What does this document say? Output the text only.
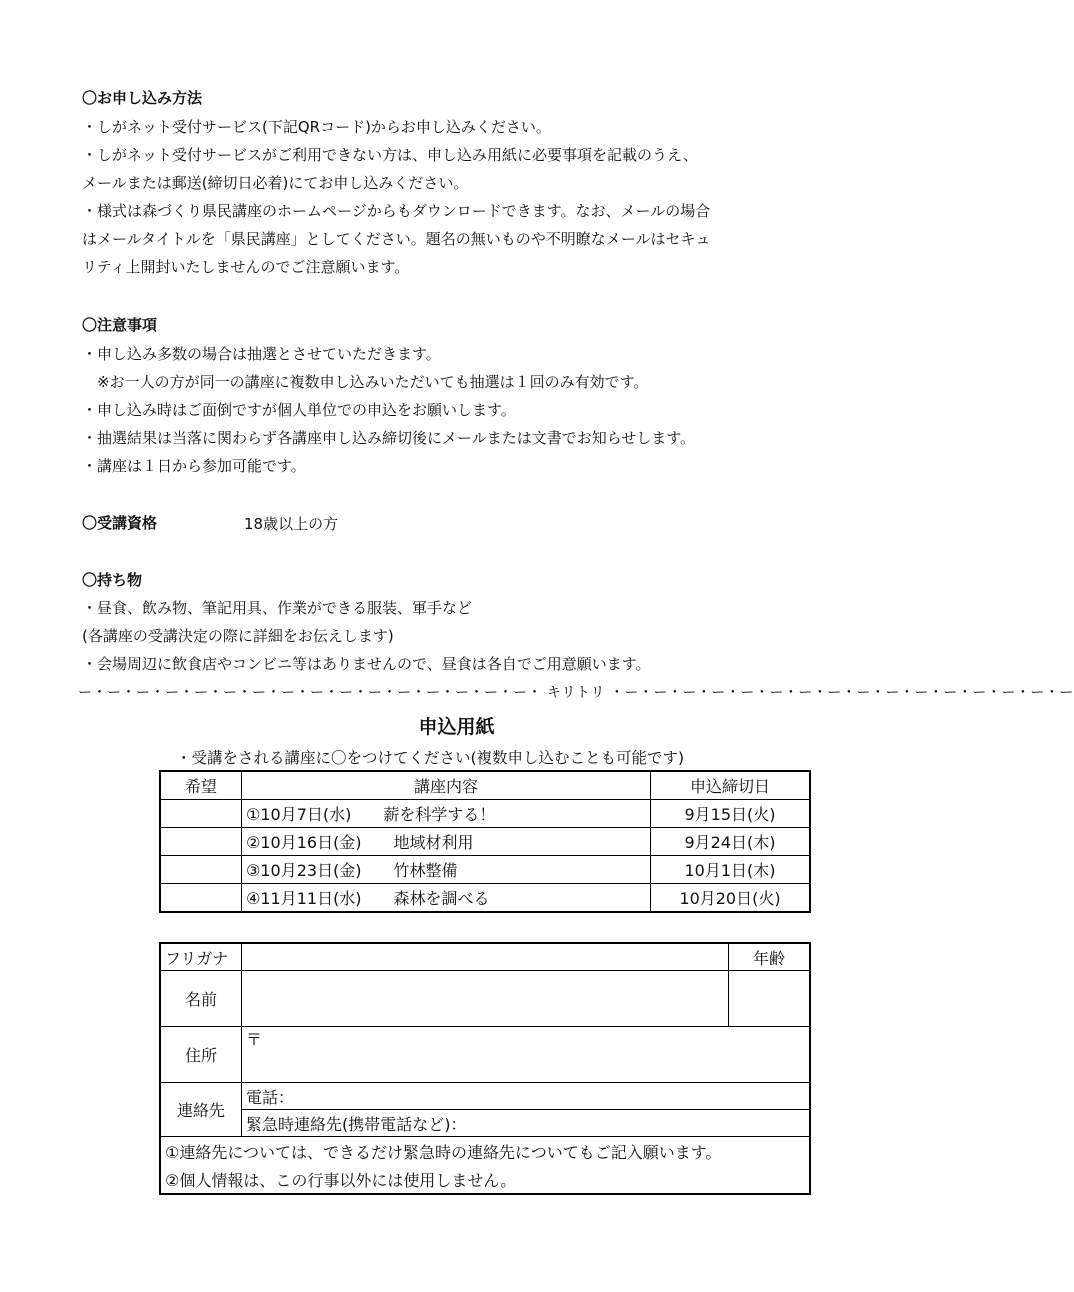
〇お申し込み方法
・しがネット受付サービス(下記QRコード)からお申し込みください。
・しがネット受付サービスがご利用できない方は、申し込み用紙に必要事項を記載のうえ、
メールまたは郵送(締切日必着)にてお申し込みください。
・様式は森づくり県民講座のホームページからもダウンロードできます。なお、メールの場合
はメールタイトルを「県民講座」としてください。題名の無いものや不明瞭なメールはセキュ
リティ上開封いたしませんのでご注意願います。
〇注意事項
・申し込み多数の場合は抽選とさせていただきます。
　※お一人の方が同一の講座に複数申し込みいただいても抽選は１回のみ有効です。
・申し込み時はご面倒ですが個人単位での申込をお願いします。
・抽選結果は当落に関わらず各講座申し込み締切後にメールまたは文書でお知らせします。
・講座は１日から参加可能です。
〇受講資格	18歳以上の方
〇持ち物
・昼食、飲み物、筆記用具、作業ができる服装、軍手など
(各講座の受講決定の際に詳細をお伝えします)
・会場周辺に飲食店やコンビニ等はありませんので、昼食は各自でご用意願います。
ー・ー・ー・ー・ー・ー・ー・ー・ー・ー・ー・ー・ー・ー・ー・ー・ キリトリ ・ー・ー・ー・ー・ー・ー・ー・ー・ー・ー・ー・ー・ー・ー・ー・ー
申込用紙
・受講をされる講座に〇をつけてください(複数申し込むことも可能です)
希望	講座内容	申込締切日
	①10月7日(水)　　薪を科学する！	9月15日(火)
	②10月16日(金)　　地域材利用	9月24日(木)
	③10月23日(金)　　竹林整備	10月1日(木)
	④11月11日(水)　　森林を調べる	10月20日(火)
フリガナ		年齢
名前		
住所	〒	
連絡先	電話：	
	緊急時連絡先(携帯電話など)：	
①連絡先については、できるだけ緊急時の連絡先についてもご記入願います。		
②個人情報は、この行事以外には使用しません。		
